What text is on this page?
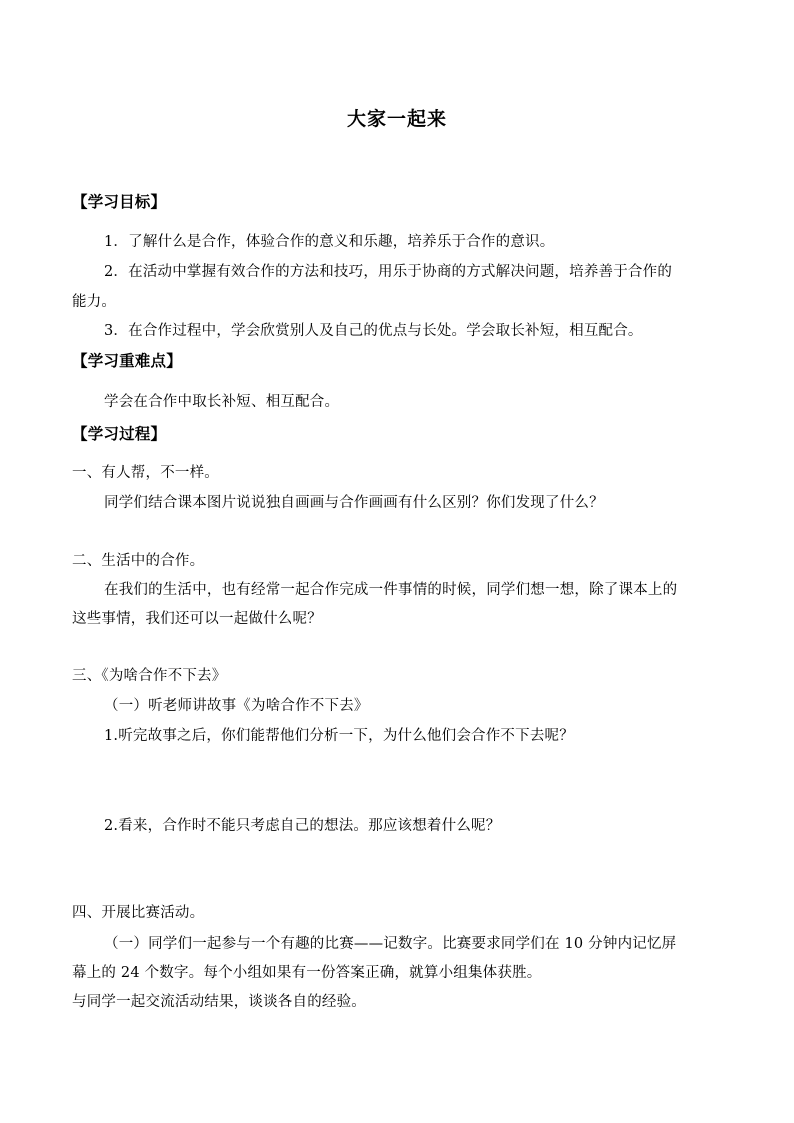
大家一起来
【学习目标】
1．了解什么是合作，体验合作的意义和乐趣，培养乐于合作的意识。
2．在活动中掌握有效合作的方法和技巧，用乐于协商的方式解决问题，培养善于合作的
能力。
3．在合作过程中，学会欣赏别人及自己的优点与长处。学会取长补短，相互配合。
【学习重难点】
学会在合作中取长补短、相互配合。
【学习过程】
一、有人帮，不一样。
同学们结合课本图片说说独自画画与合作画画有什么区别？你们发现了什么？
二、生活中的合作。
在我们的生活中，也有经常一起合作完成一件事情的时候，同学们想一想，除了课本上的
这些事情，我们还可以一起做什么呢？
三、《为啥合作不下去》
（一）听老师讲故事《为啥合作不下去》
1.听完故事之后，你们能帮他们分析一下，为什么他们会合作不下去呢？
2.看来，合作时不能只考虑自己的想法。那应该想着什么呢？
四、开展比赛活动。
（一）同学们一起参与一个有趣的比赛——记数字。比赛要求同学们在 10 分钟内记忆屏
幕上的 24 个数字。每个小组如果有一份答案正确，就算小组集体获胜。
与同学一起交流活动结果，谈谈各自的经验。
